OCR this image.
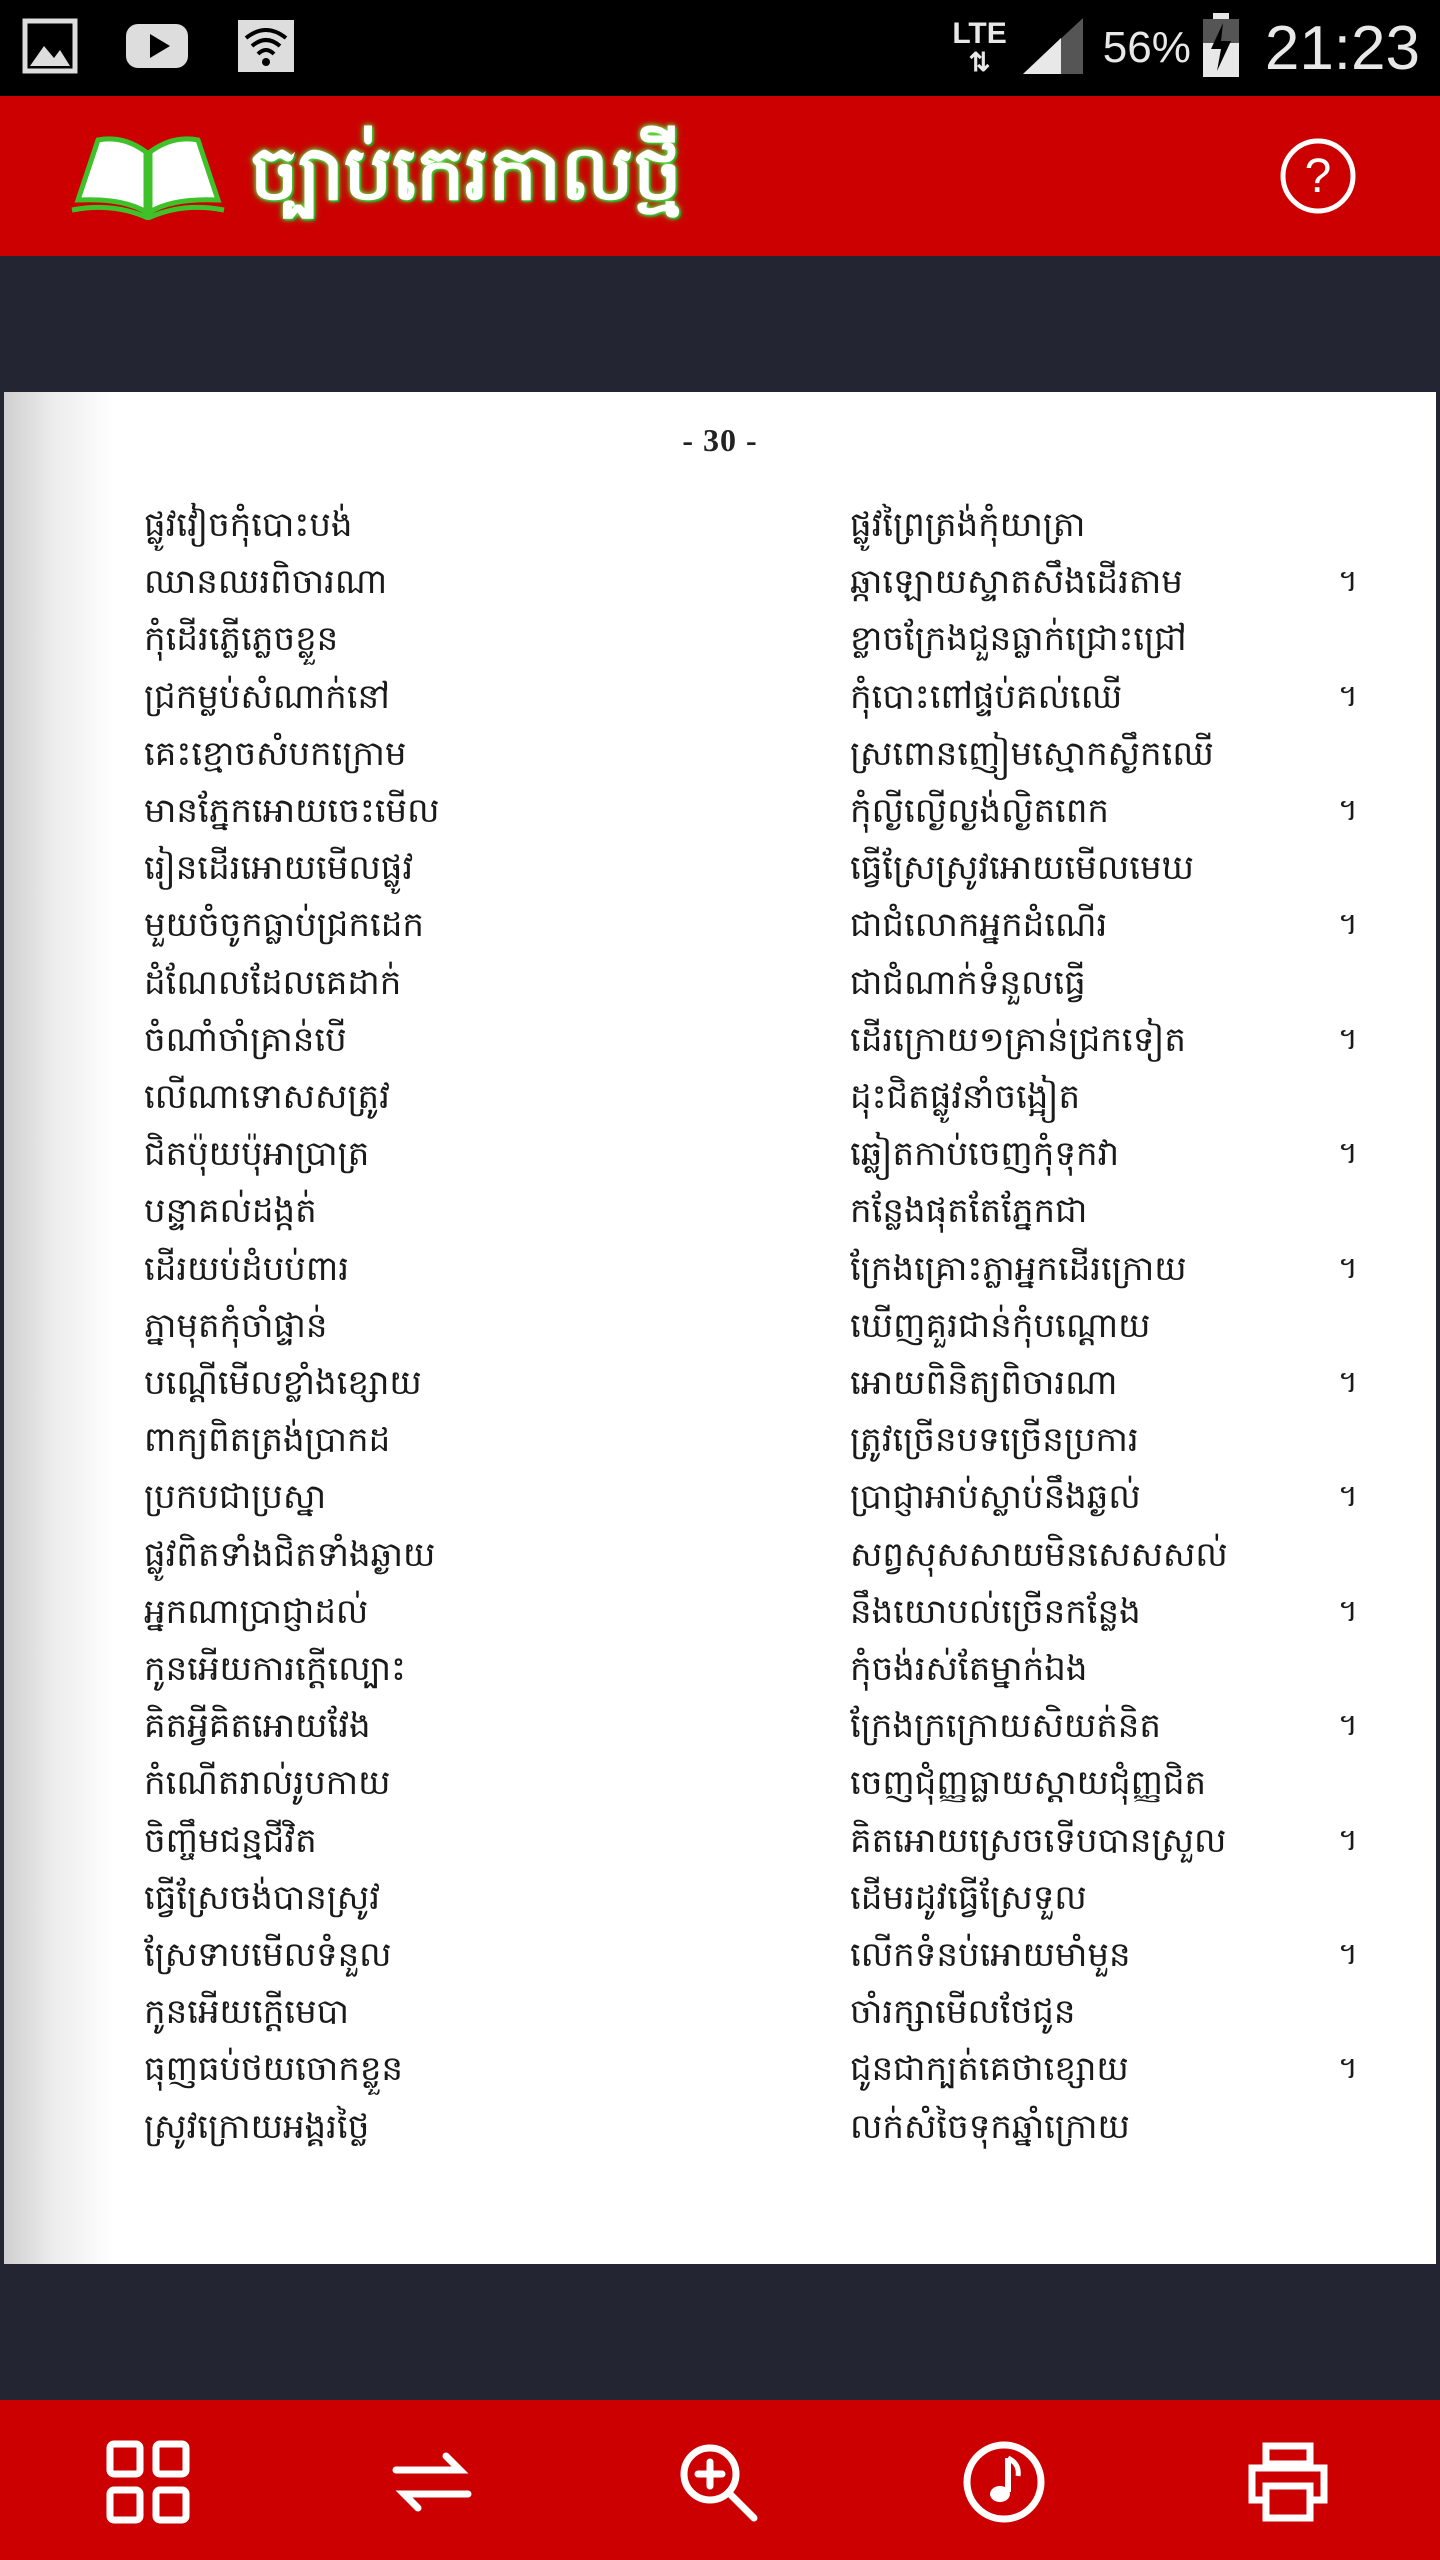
LTE
⇅	56% 21:23
ច្បាប់កេរកាលថ្មី	?
- 30 -
ផ្លូវវៀចកុំបោះបង់	ផ្លូវព្រៃត្រង់កុំយាត្រា
ឈានឈរពិចារណា	ឆ្កាឡោយស្ទាតសឹងដើរតាម	។
កុំដើរភ្លើភ្លេចខ្លួន	ខ្លាចក្រែងជួនធ្លាក់ជ្រោះជ្រៅ
ជ្រកម្លប់សំណាក់នៅ	កុំបោះពៅផ្ទប់គល់ឈើ	។
គេះខ្មោចសំបកក្រោម	ស្រពោនញៀមស្មោកស្ងឹកឈើ
មានភ្នែកអោយចេះមើល	កុំល្ងីល្ងើល្ងង់ល្ងិតពេក	។
រៀនដើរអោយមើលផ្លូវ	ធ្វើស្រែស្រូវអោយមើលមេឃ
មួយចំចូកធ្លាប់ជ្រកដេក	ជាជំលោកអ្នកដំណើរ	។
ដំណែលដែលគេដាក់	ជាជំណាក់ទំនួលធ្វើ
ចំណាំចាំគ្រាន់បើ	ដើរក្រោយ១គ្រាន់ជ្រកទៀត	។
លើណាទោសសត្រូវ	ដុះជិតផ្លូវនាំចង្អៀត
ជិតប៉ុយប៉ុអាប្រាត្រ	ឆ្លៀតកាប់ចេញកុំទុកវា	។
បន្ទាគល់ដង្កត់	កន្លែងផុតតែភ្នែកជា
ដើរយប់ដំបប់ពារ	ក្រែងគ្រោះភ្លាអ្នកដើរក្រោយ	។
ភ្នាមុតកុំចាំផ្ទាន់	ឃើញគួរជាន់កុំបណ្តោយ
បណ្តើមើលខ្លាំងខ្សោយ	អោយពិនិត្យពិចារណា	។
ពាក្យពិតត្រង់ប្រាកដ	ត្រូវច្រើនបទច្រើនប្រការ
ប្រកបជាប្រស្នា	ប្រាជ្ញាអាប់ស្លាប់នឹងឆ្ងល់	។
ផ្លូវពិតទាំងជិតទាំងឆ្ងាយ	សព្វសុសសាយមិនសេសសល់
អ្នកណាប្រាជ្ញាដល់	នឹងយោបល់ច្រើនកន្លែង	។
កូនអើយការក្តើល្បោះ	កុំចង់រស់តែម្នាក់ឯង
គិតអ្វីគិតអោយវែង	ក្រែងក្រក្រោយសិយត់និត	។
កំណើតរាល់រូបកាយ	ចេញជុំញ្ញធ្លាយស្តាយជុំញ្ញជិត
ចិញ្ចឹមជន្មជីវិត	គិតអោយស្រេចទើបបានស្រួល	។
ធ្វើស្រែចង់បានស្រូវ	ដើមរដូវធ្វើស្រែទួល
ស្រែទាបមើលទំនួល	លើកទំនប់អោយមាំមួន	។
កូនអើយក្តើមេបា	ចាំរក្សាមើលថែជូន
ធុញធប់ថយចោកខ្លួន	ជូនជាក្បត់គេថាខ្សោយ	។
ស្រូវក្រោយអង្គរថ្លៃ	លក់សំចៃទុកឆ្នាំក្រោយ
